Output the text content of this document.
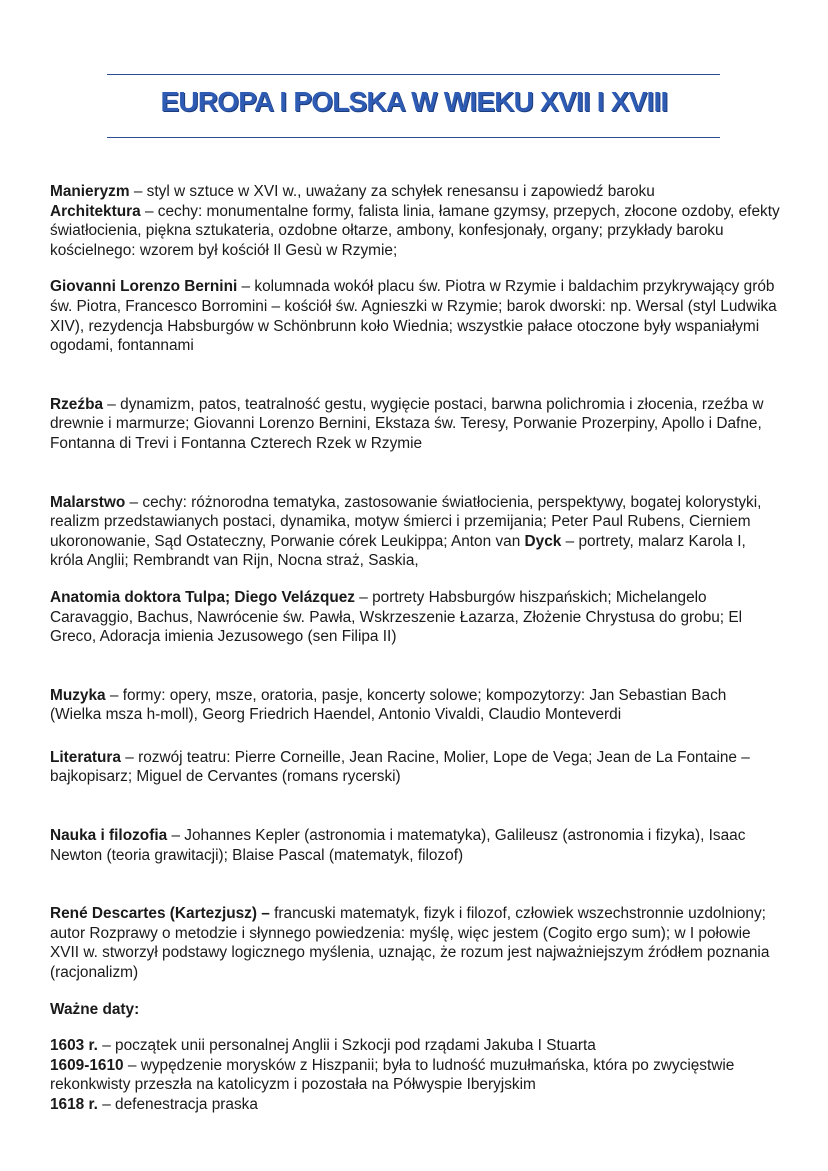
EUROPA I POLSKA W WIEKU XVII I XVIII

Manieryzm – styl w sztuce w XVI w., uważany za schyłek renesansu i zapowiedź baroku

Architektura – cechy: monumentalne formy, falista linia, łamane gzymsy, przepych, złocone ozdoby, efekty światłocienia, piękna sztukateria, ozdobne ołtarze, ambony, konfesjonały, organy; przykłady baroku kościelnego: wzorem był kościół Il Gesù w Rzymie;

Giovanni Lorenzo Bernini – kolumnada wokół placu św. Piotra w Rzymie i baldachim przykrywający grób św. Piotra, Francesco Borromini – kościół św. Agnieszki w Rzymie; barok dworski: np. Wersal (styl Ludwika XIV), rezydencja Habsburgów w Schönbrunn koło Wiednia; wszystkie pałace otoczone były wspaniałymi ogodami, fontannami

Rzeźba – dynamizm, patos, teatralność gestu, wygięcie postaci, barwna polichromia i złocenia, rzeźba w drewnie i marmurze; Giovanni Lorenzo Bernini, Ekstaza św. Teresy, Porwanie Prozerpiny, Apollo i Dafne, Fontanna di Trevi i Fontanna Czterech Rzek w Rzymie

Malarstwo – cechy: różnorodna tematyka, zastosowanie światłocienia, perspektywy, bogatej kolorystyki, realizm przedstawianych postaci, dynamika, motyw śmierci i przemijania; Peter Paul Rubens, Cierniem ukoronowanie, Sąd Ostateczny, Porwanie córek Leukippa; Anton van Dyck – portrety, malarz Karola I, króla Anglii; Rembrandt van Rijn, Nocna straż, Saskia,

Anatomia doktora Tulpa; Diego Velázquez – portrety Habsburgów hiszpańskich; Michelangelo Caravaggio, Bachus, Nawrócenie św. Pawła, Wskrzeszenie Łazarza, Złożenie Chrystusa do grobu; El Greco, Adoracja imienia Jezusowego (sen Filipa II)

Muzyka – formy: opery, msze, oratoria, pasje, koncerty solowe; kompozytorzy: Jan Sebastian Bach (Wielka msza h-moll), Georg Friedrich Haendel, Antonio Vivaldi, Claudio Monteverdi

Literatura – rozwój teatru: Pierre Corneille, Jean Racine, Molier, Lope de Vega; Jean de La Fontaine – bajkopisarz; Miguel de Cervantes (romans rycerski)

Nauka i filozofia – Johannes Kepler (astronomia i matematyka), Galileusz (astronomia i fizyka), Isaac Newton (teoria grawitacji); Blaise Pascal (matematyk, filozof)

René Descartes (Kartezjusz) – francuski matematyk, fizyk i filozof, człowiek wszechstronnie uzdolniony; autor Rozprawy o metodzie i słynnego powiedzenia: myślę, więc jestem (Cogito ergo sum); w I połowie XVII w. stworzył podstawy logicznego myślenia, uznając, że rozum jest najważniejszym źródłem poznania (racjonalizm)

Ważne daty:

1603 r. – początek unii personalnej Anglii i Szkocji pod rządami Jakuba I Stuarta

1609-1610 – wypędzenie morysków z Hiszpanii; była to ludność muzułmańska, która po zwycięstwie rekonkwisty przeszła na katolicyzm i pozostała na Półwyspie Iberyjskim

1618 r. – defenestracja praska
